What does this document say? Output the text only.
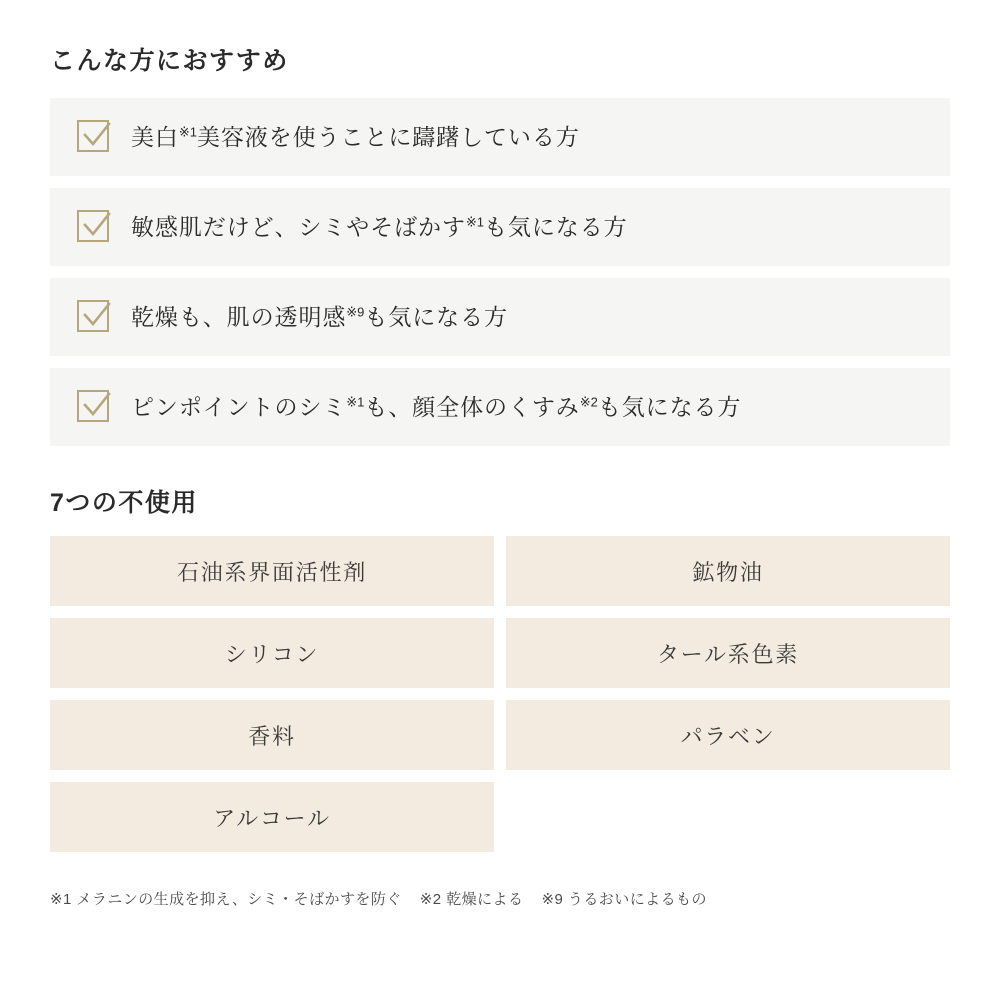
こんな方におすすめ
美白$^{※1}$美容液を使うことに躊躇している方
敏感肌だけど、シミやそばかす$^{※1}$も気になる方
乾燥も、肌の透明感$^{※9}$も気になる方
ピンポイントのシミ$^{※1}$も、顔全体のくすみ$^{※2}$も気になる方
7つの不使用
石油系界面活性剤	鉱物油
シリコン	タール系色素
香料	パラベン
アルコール
※1 メラニンの生成を抑え、シミ・そばかすを防ぐ ※2 乾燥による ※9 うるおいによるもの
